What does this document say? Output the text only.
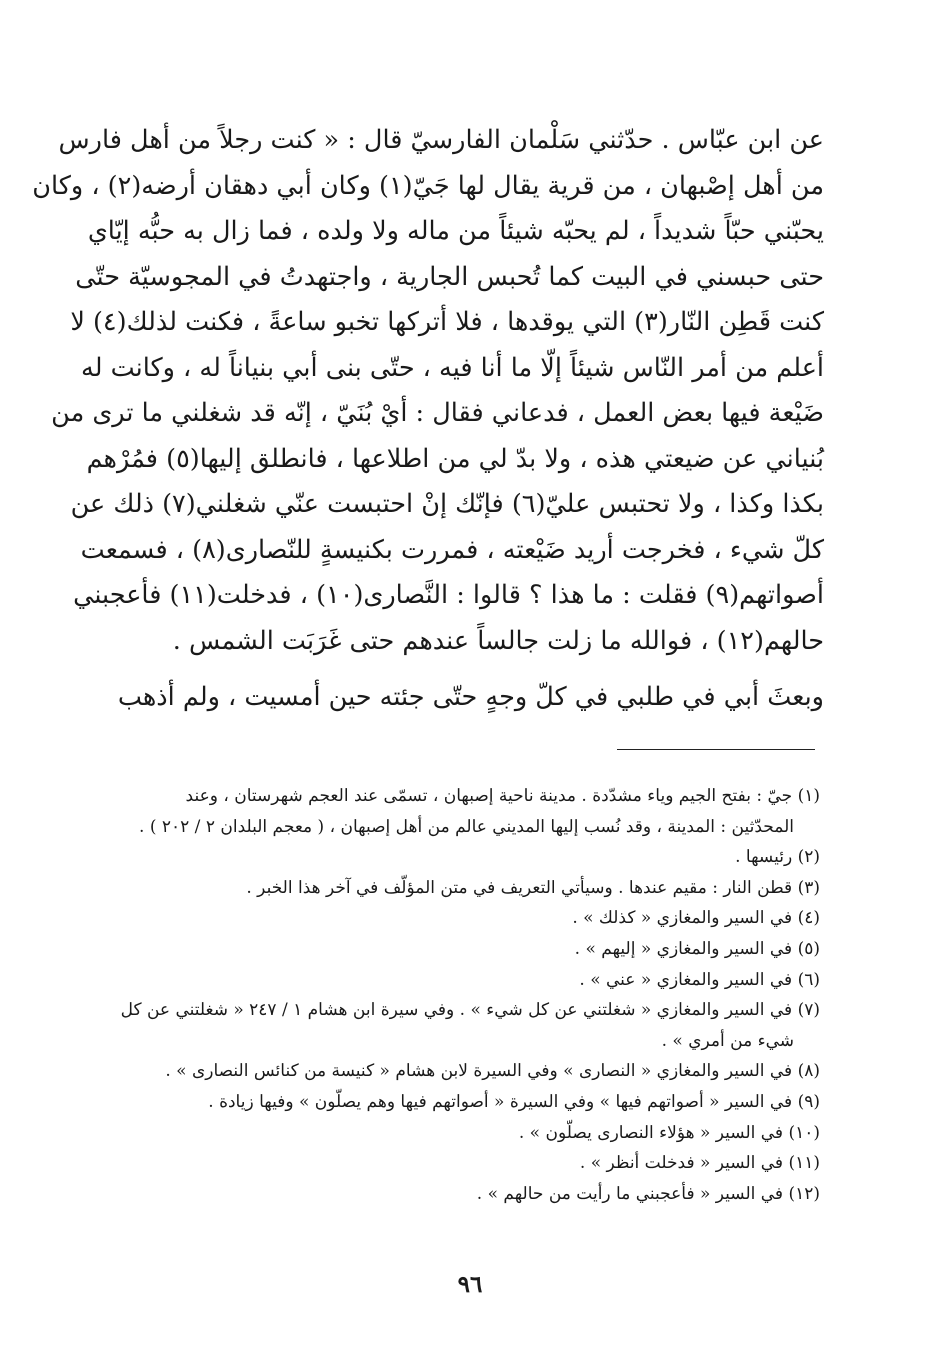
عن ابن عبّاس . حدّثني سَلْمان الفارسيّ قال : « كنت رجلاً من أهل فارس
من أهل إصْبهان ، من قرية يقال لها جَيّ(١) وكان أبي دهقان أرضه(٢) ، وكان
يحبّني حبّاً شديداً ، لم يحبّه شيئاً من ماله ولا ولده ، فما زال به حبُّه إيّاي
حتى حبسني في البيت كما تُحبس الجارية ، واجتهدتُ في المجوسيّة حتّى
كنت قَطِن النّار(٣) التي يوقدها ، فلا أتركها تخبو ساعةً ، فكنت لذلك(٤) لا
أعلم من أمر النّاس شيئاً إلّا ما أنا فيه ، حتّى بنى أبي بنياناً له ، وكانت له
ضَيْعة فيها بعض العمل ، فدعاني فقال : أيْ بُنَيّ ، إنّه قد شغلني ما ترى من
بُنياني عن ضيعتي هذه ، ولا بدّ لي من اطلاعها ، فانطلق إليها(٥) فمُرْهم
بكذا وكذا ، ولا تحتبس عليّ(٦) فإنّك إنْ احتبست عنّي شغلني(٧) ذلك عن
كلّ شيء ، فخرجت أريد ضَيْعته ، فمررت بكنيسةٍ للنّصارى(٨) ، فسمعت
أصواتهم(٩) فقلت : ما هذا ؟ قالوا : النَّصارى(١٠) ، فدخلت(١١) فأعجبني
حالهم(١٢) ، فوالله ما زلت جالساً عندهم حتى غَرَبَت الشمس .
وبعثَ أبي في طلبي في كلّ وجهٍ حتّى جئته حين أمسيت ، ولم أذهب
(١) جيّ : بفتح الجيم وياء مشدّدة . مدينة ناحية إصبهان ، تسمّى عند العجم شهرستان ، وعند
المحدّثين : المدينة ، وقد نُسب إليها المديني عالم من أهل إصبهان ، ( معجم البلدان ٢ / ٢٠٢ ) .
(٢) رئيسها .
(٣) قطن النار : مقيم عندها . وسيأتي التعريف في متن المؤلّف في آخر هذا الخبر .
(٤) في السير والمغازي « كذلك » .
(٥) في السير والمغازي « إليهم » .
(٦) في السير والمغازي « عني » .
(٧) في السير والمغازي « شغلتني عن كل شيء » . وفي سيرة ابن هشام ١ / ٢٤٧ « شغلتني عن كل
شيء من أمري » .
(٨) في السير والمغازي « النصارى » وفي السيرة لابن هشام « كنيسة من كنائس النصارى » .
(٩) في السير « أصواتهم فيها » وفي السيرة « أصواتهم فيها وهم يصلّون » وفيها زيادة .
(١٠) في السير « هؤلاء النصارى يصلّون » .
(١١) في السير « فدخلت أنظر » .
(١٢) في السير « فأعجبني ما رأيت من حالهم » .
٩٦
